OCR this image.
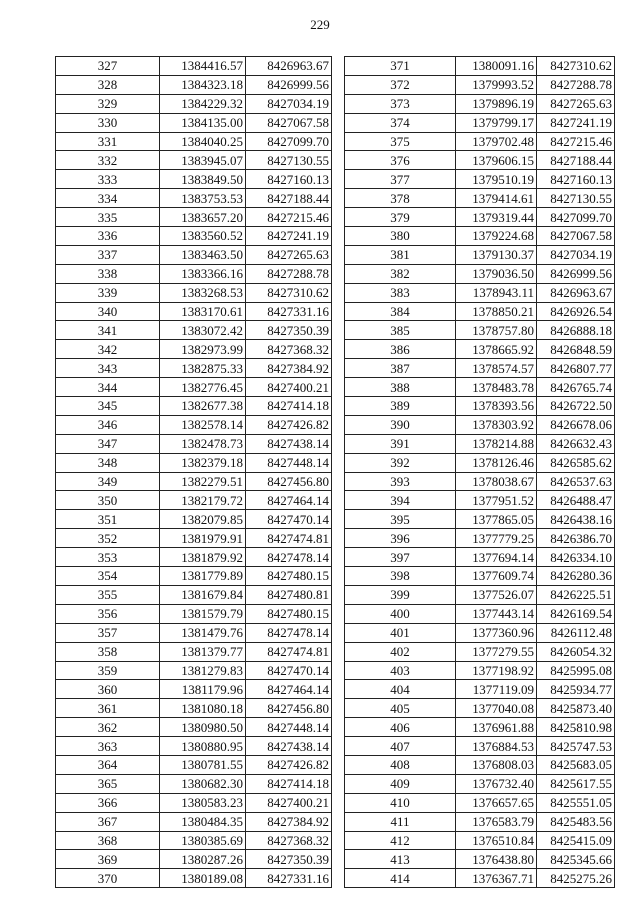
229
327	1384416.57	8426963.67
328	1384323.18	8426999.56
329	1384229.32	8427034.19
330	1384135.00	8427067.58
331	1384040.25	8427099.70
332	1383945.07	8427130.55
333	1383849.50	8427160.13
334	1383753.53	8427188.44
335	1383657.20	8427215.46
336	1383560.52	8427241.19
337	1383463.50	8427265.63
338	1383366.16	8427288.78
339	1383268.53	8427310.62
340	1383170.61	8427331.16
341	1383072.42	8427350.39
342	1382973.99	8427368.32
343	1382875.33	8427384.92
344	1382776.45	8427400.21
345	1382677.38	8427414.18
346	1382578.14	8427426.82
347	1382478.73	8427438.14
348	1382379.18	8427448.14
349	1382279.51	8427456.80
350	1382179.72	8427464.14
351	1382079.85	8427470.14
352	1381979.91	8427474.81
353	1381879.92	8427478.14
354	1381779.89	8427480.15
355	1381679.84	8427480.81
356	1381579.79	8427480.15
357	1381479.76	8427478.14
358	1381379.77	8427474.81
359	1381279.83	8427470.14
360	1381179.96	8427464.14
361	1381080.18	8427456.80
362	1380980.50	8427448.14
363	1380880.95	8427438.14
364	1380781.55	8427426.82
365	1380682.30	8427414.18
366	1380583.23	8427400.21
367	1380484.35	8427384.92
368	1380385.69	8427368.32
369	1380287.26	8427350.39
370	1380189.08	8427331.16
371	1380091.16	8427310.62
372	1379993.52	8427288.78
373	1379896.19	8427265.63
374	1379799.17	8427241.19
375	1379702.48	8427215.46
376	1379606.15	8427188.44
377	1379510.19	8427160.13
378	1379414.61	8427130.55
379	1379319.44	8427099.70
380	1379224.68	8427067.58
381	1379130.37	8427034.19
382	1379036.50	8426999.56
383	1378943.11	8426963.67
384	1378850.21	8426926.54
385	1378757.80	8426888.18
386	1378665.92	8426848.59
387	1378574.57	8426807.77
388	1378483.78	8426765.74
389	1378393.56	8426722.50
390	1378303.92	8426678.06
391	1378214.88	8426632.43
392	1378126.46	8426585.62
393	1378038.67	8426537.63
394	1377951.52	8426488.47
395	1377865.05	8426438.16
396	1377779.25	8426386.70
397	1377694.14	8426334.10
398	1377609.74	8426280.36
399	1377526.07	8426225.51
400	1377443.14	8426169.54
401	1377360.96	8426112.48
402	1377279.55	8426054.32
403	1377198.92	8425995.08
404	1377119.09	8425934.77
405	1377040.08	8425873.40
406	1376961.88	8425810.98
407	1376884.53	8425747.53
408	1376808.03	8425683.05
409	1376732.40	8425617.55
410	1376657.65	8425551.05
411	1376583.79	8425483.56
412	1376510.84	8425415.09
413	1376438.80	8425345.66
414	1376367.71	8425275.26
